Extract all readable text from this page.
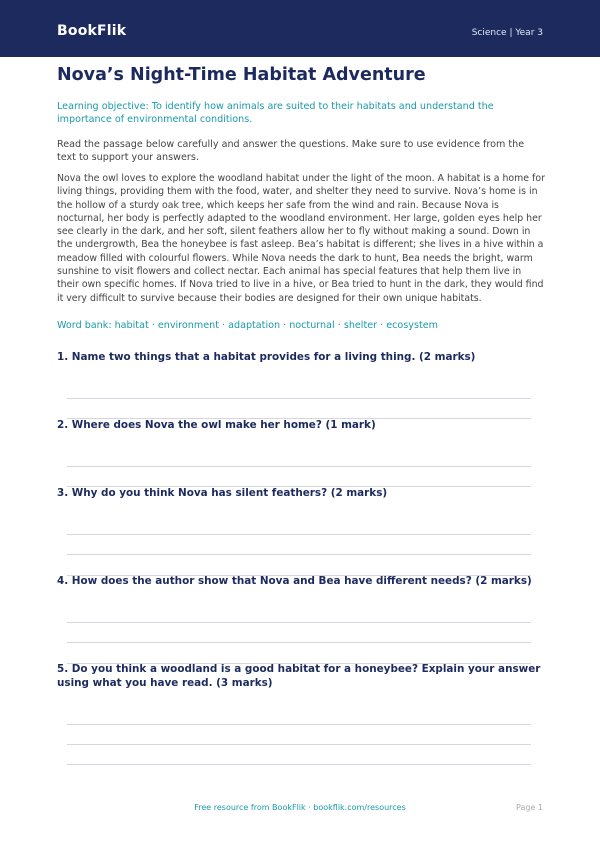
BookFlik	Science | Year 3
Nova’s Night-Time Habitat Adventure
Learning objective: To identify how animals are suited to their habitats and understand the importance of environmental conditions.
Read the passage below carefully and answer the questions. Make sure to use evidence from the text to support your answers.
Nova the owl loves to explore the woodland habitat under the light of the moon. A habitat is a home for living things, providing them with the food, water, and shelter they need to survive. Nova’s home is in the hollow of a sturdy oak tree, which keeps her safe from the wind and rain. Because Nova is nocturnal, her body is perfectly adapted to the woodland environment. Her large, golden eyes help her see clearly in the dark, and her soft, silent feathers allow her to fly without making a sound. Down in the undergrowth, Bea the honeybee is fast asleep. Bea’s habitat is different; she lives in a hive within a meadow filled with colourful flowers. While Nova needs the dark to hunt, Bea needs the bright, warm sunshine to visit flowers and collect nectar. Each animal has special features that help them live in their own specific homes. If Nova tried to live in a hive, or Bea tried to hunt in the dark, they would find it very difficult to survive because their bodies are designed for their own unique habitats.
Word bank: habitat · environment · adaptation · nocturnal · shelter · ecosystem
1. Name two things that a habitat provides for a living thing. (2 marks)
2. Where does Nova the owl make her home? (1 mark)
3. Why do you think Nova has silent feathers? (2 marks)
4. How does the author show that Nova and Bea have different needs? (2 marks)
5. Do you think a woodland is a good habitat for a honeybee? Explain your answer using what you have read. (3 marks)
Free resource from BookFlik · bookflik.com/resources	Page 1
